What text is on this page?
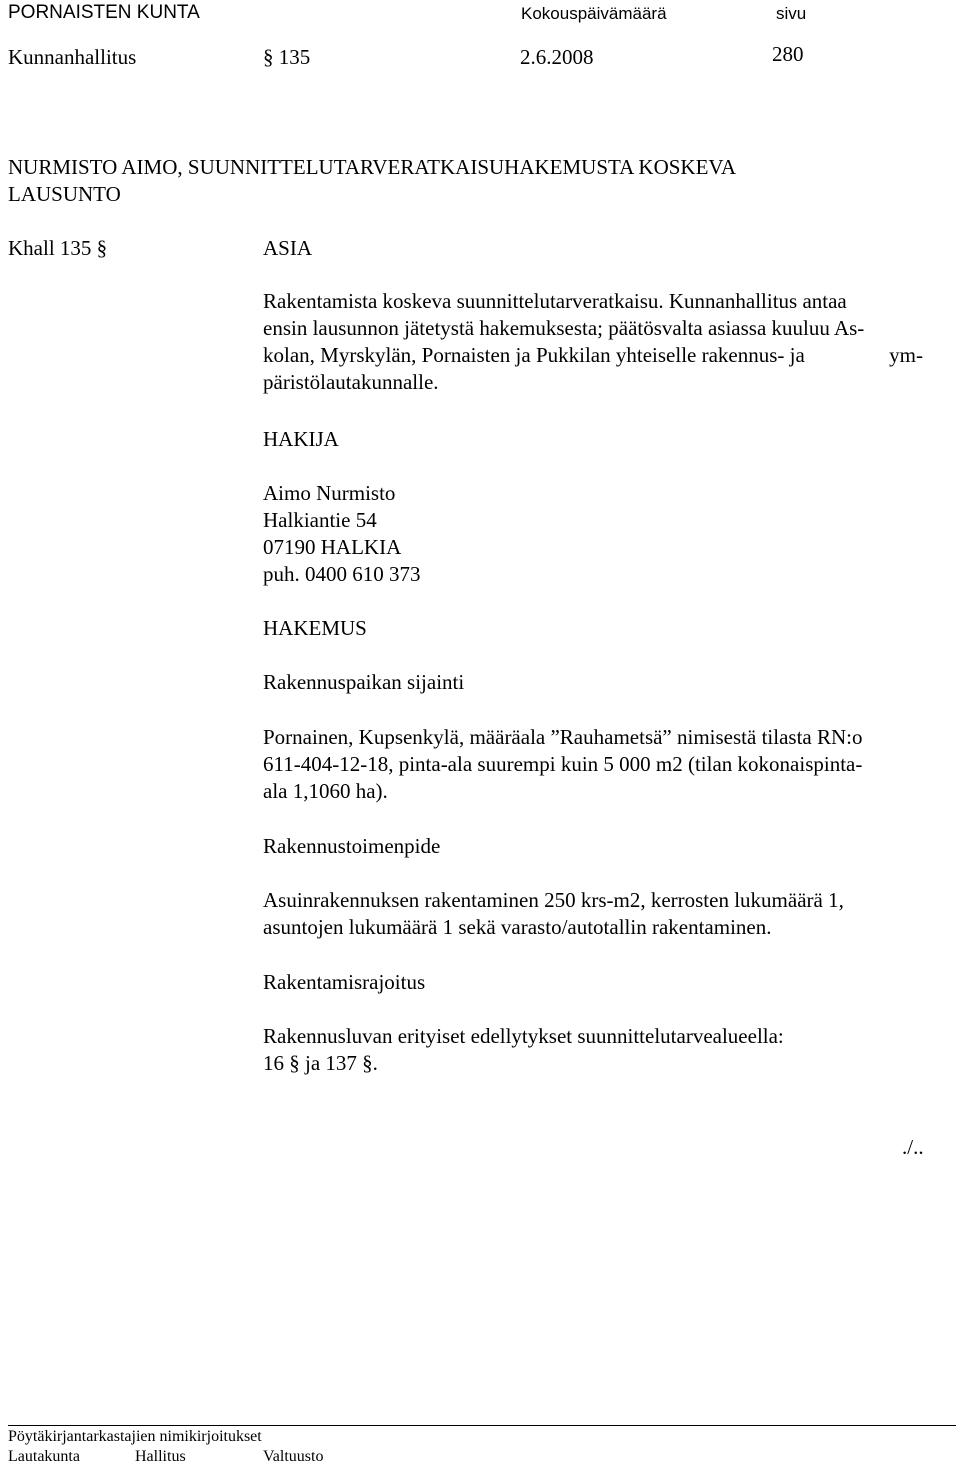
PORNAISTEN KUNTA	Kokouspäivämäärä	sivu
Kunnanhallitus	§ 135	2.6.2008	280
NURMISTO AIMO, SUUNNITTELUTARVERATKAISUHAKEMUSTA KOSKEVA
LAUSUNTO
Khall 135 §	ASIA
Rakentamista koskeva suunnittelutarveratkaisu. Kunnanhallitus antaa
ensin lausunnon jätetystä hakemuksesta; päätösvalta asiassa kuuluu As-
kolan, Myrskylän, Pornaisten ja Pukkilan yhteiselle rakennus- ja	ym-
päristölautakunnalle.
HAKIJA
Aimo Nurmisto
Halkiantie 54
07190 HALKIA
puh. 0400 610 373
HAKEMUS
Rakennuspaikan sijainti
Pornainen, Kupsenkylä, määräala ”Rauhametsä” nimisestä tilasta RN:o
611-404-12-18, pinta-ala suurempi kuin 5 000 m2 (tilan kokonaispinta-
ala 1,1060 ha).
Rakennustoimenpide
Asuinrakennuksen rakentaminen 250 krs-m2, kerrosten lukumäärä 1,
asuntojen lukumäärä 1 sekä varasto/autotallin rakentaminen.
Rakentamisrajoitus
Rakennusluvan erityiset edellytykset suunnittelutarvealueella:
16 § ja 137 §.
./..
Pöytäkirjantarkastajien nimikirjoitukset
Lautakunta	Hallitus	Valtuusto
